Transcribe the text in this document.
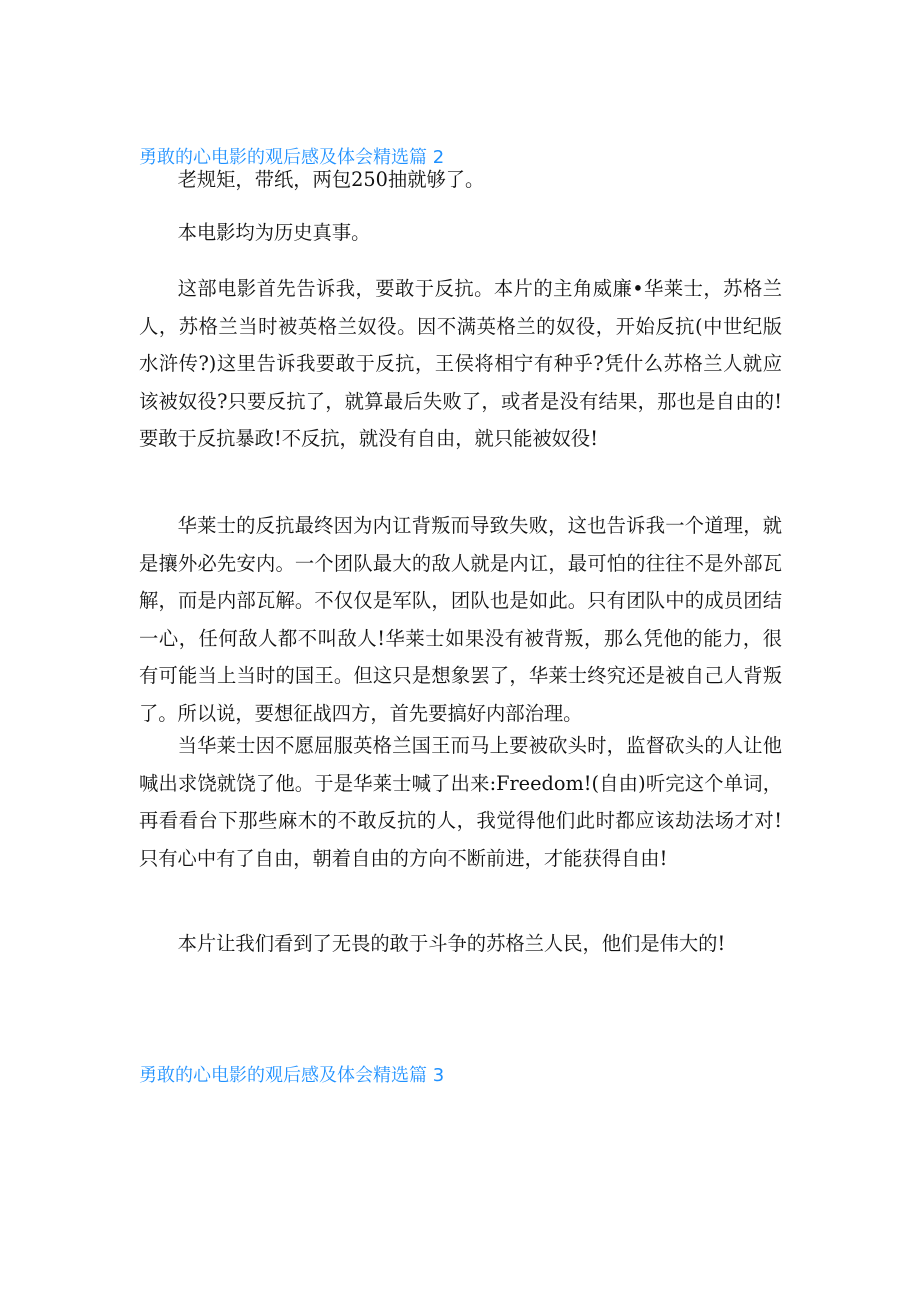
勇敢的心电影的观后感及体会精选篇 2

老规矩，带纸，两包250抽就够了。

本电影均为历史真事。

这部电影首先告诉我，要敢于反抗。本片的主角威廉•华莱士，苏格兰人，苏格兰当时被英格兰奴役。因不满英格兰的奴役，开始反抗(中世纪版水浒传?)这里告诉我要敢于反抗，王侯将相宁有种乎?凭什么苏格兰人就应该被奴役?只要反抗了，就算最后失败了，或者是没有结果，那也是自由的!要敢于反抗暴政!不反抗，就没有自由，就只能被奴役!

华莱士的反抗最终因为内讧背叛而导致失败，这也告诉我一个道理，就是攘外必先安内。一个团队最大的敌人就是内讧，最可怕的往往不是外部瓦解，而是内部瓦解。不仅仅是军队，团队也是如此。只有团队中的成员团结一心，任何敌人都不叫敌人!华莱士如果没有被背叛，那么凭他的能力，很有可能当上当时的国王。但这只是想象罢了，华莱士终究还是被自己人背叛了。所以说，要想征战四方，首先要搞好内部治理。

当华莱士因不愿屈服英格兰国王而马上要被砍头时，监督砍头的人让他喊出求饶就饶了他。于是华莱士喊了出来:Freedom!(自由)听完这个单词，再看看台下那些麻木的不敢反抗的人，我觉得他们此时都应该劫法场才对!只有心中有了自由，朝着自由的方向不断前进，才能获得自由!

本片让我们看到了无畏的敢于斗争的苏格兰人民，他们是伟大的!

勇敢的心电影的观后感及体会精选篇 3
